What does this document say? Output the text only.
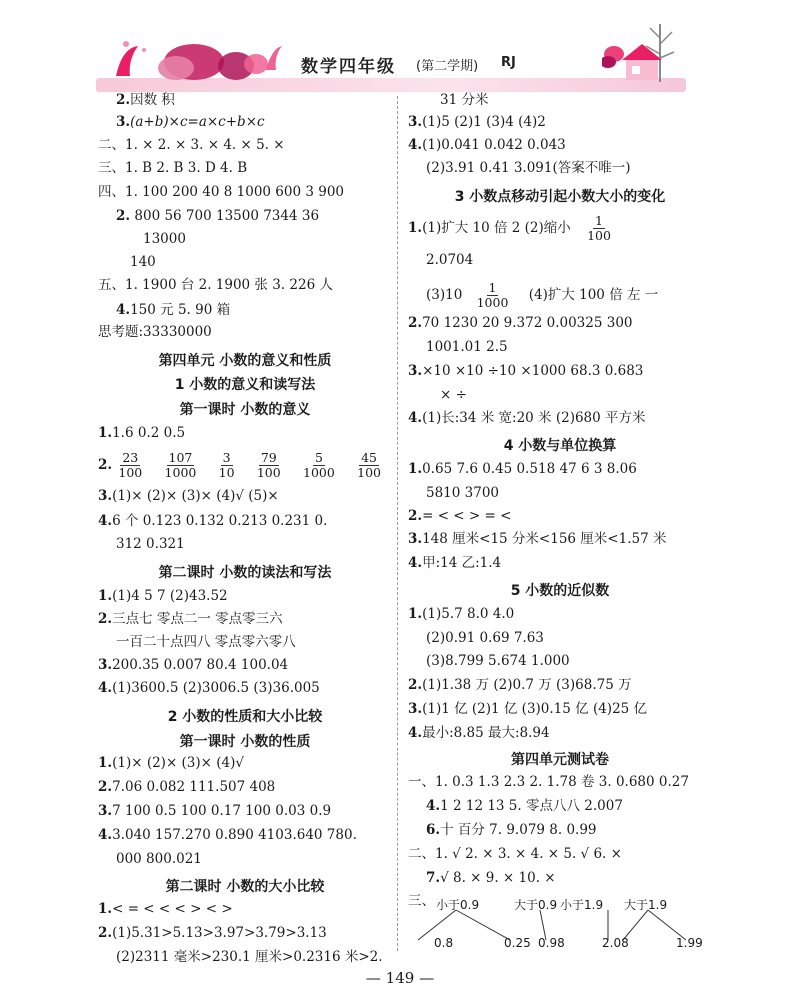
数学四年级 (第二学期) RJ
2.因数 积
3.(a+b)×c=a×c+b×c
二、1. × 2. × 3. × 4. × 5. ×
三、1. B 2. B 3. D 4. B
四、1. 100 200 40 8 1000 600 3 900
2. 800 56 700 13500 7344 36
13000
140
五、1. 1900 台 2. 1900 张 3. 226 人
4.150 元 5. 90 箱
思考题:33330000
第四单元 小数的意义和性质
1 小数的意义和读写法
第一课时 小数的意义
1.1.6 0.2 0.5
2. $\frac{23}{100}$
$\frac{107}{1000}$
$\frac{3}{10}$
$\frac{79}{100}$
$\frac{5}{1000}$
$\frac{45}{100}$
3.(1)× (2)× (3)× (4)√ (5)×
4.6 个 0.123 0.132 0.213 0.231 0.
312 0.321
第二课时 小数的读法和写法
1.(1)4 5 7 (2)43.52
2.三点七 零点二一 零点零三六
一百二十点四八 零点零六零八
3.200.35 0.007 80.4 100.04
4.(1)3600.5 (2)3006.5 (3)36.005
2 小数的性质和大小比较
第一课时 小数的性质
1.(1)× (2)× (3)× (4)√
2.7.06 0.082 111.507 408
3.7 100 0.5 100 0.17 100 0.03 0.9
4.3.040 157.270 0.890 4103.640 780.
000 800.021
第二课时 小数的大小比较
1.< = < < < > < >
2.(1)5.31>5.13>3.97>3.79>3.13
(2)2311 毫米>230.1 厘米>0.2316 米>2.
31 分米
3.(1)5 (2)1 (3)4 (4)2
4.(1)0.041 0.042 0.043
(2)3.91 0.41 3.091(答案不唯一)
3 小数点移动引起小数大小的变化
1.(1)扩大 10 倍 2 (2)缩小 $\frac{1}{100}$
2.0704
$(3)10 \frac{1}{1000} (4)$扩大 100 倍 左 一
2.70 1230 20 9.372 0.00325 300
1001.01 2.5
3.×10 ×10 ÷10 ×1000 68.3 0.683
× ÷
4.(1)长:34 米 宽:20 米 (2)680 平方米
4 小数与单位换算
1.0.65 7.6 0.45 0.518 47 6 3 8.06
5810 3700
2.= < < > = <
3.148 厘米<15 分米<156 厘米<1.57 米
4.甲:14 乙:1.4
5 小数的近似数
1.(1)5.7 8.0 4.0
(2)0.91 0.69 7.63
(3)8.799 5.674 1.000
2.(1)1.38 万 (2)0.7 万 (3)68.75 万
3.(1)1 亿 (2)1 亿 (3)0.15 亿 (4)25 亿
4.最小:8.85 最大:8.94
第四单元测试卷
一、1. 0.3 1.3 2.3 2. 1.78 卷 3. 0.680 0.27
4.1 2 12 13 5. 零点八八 2.007
6.十 百分 7. 9.079 8. 0.99
二、1. √ 2. × 3. × 4. × 5. √ 6. ×
7.√ 8. × 9. × 10. ×
三、 小于0.9	大于0.9 小于1.9 大于1.9
0.8	0.25 0.98	2.08	1.99
— 149 —
